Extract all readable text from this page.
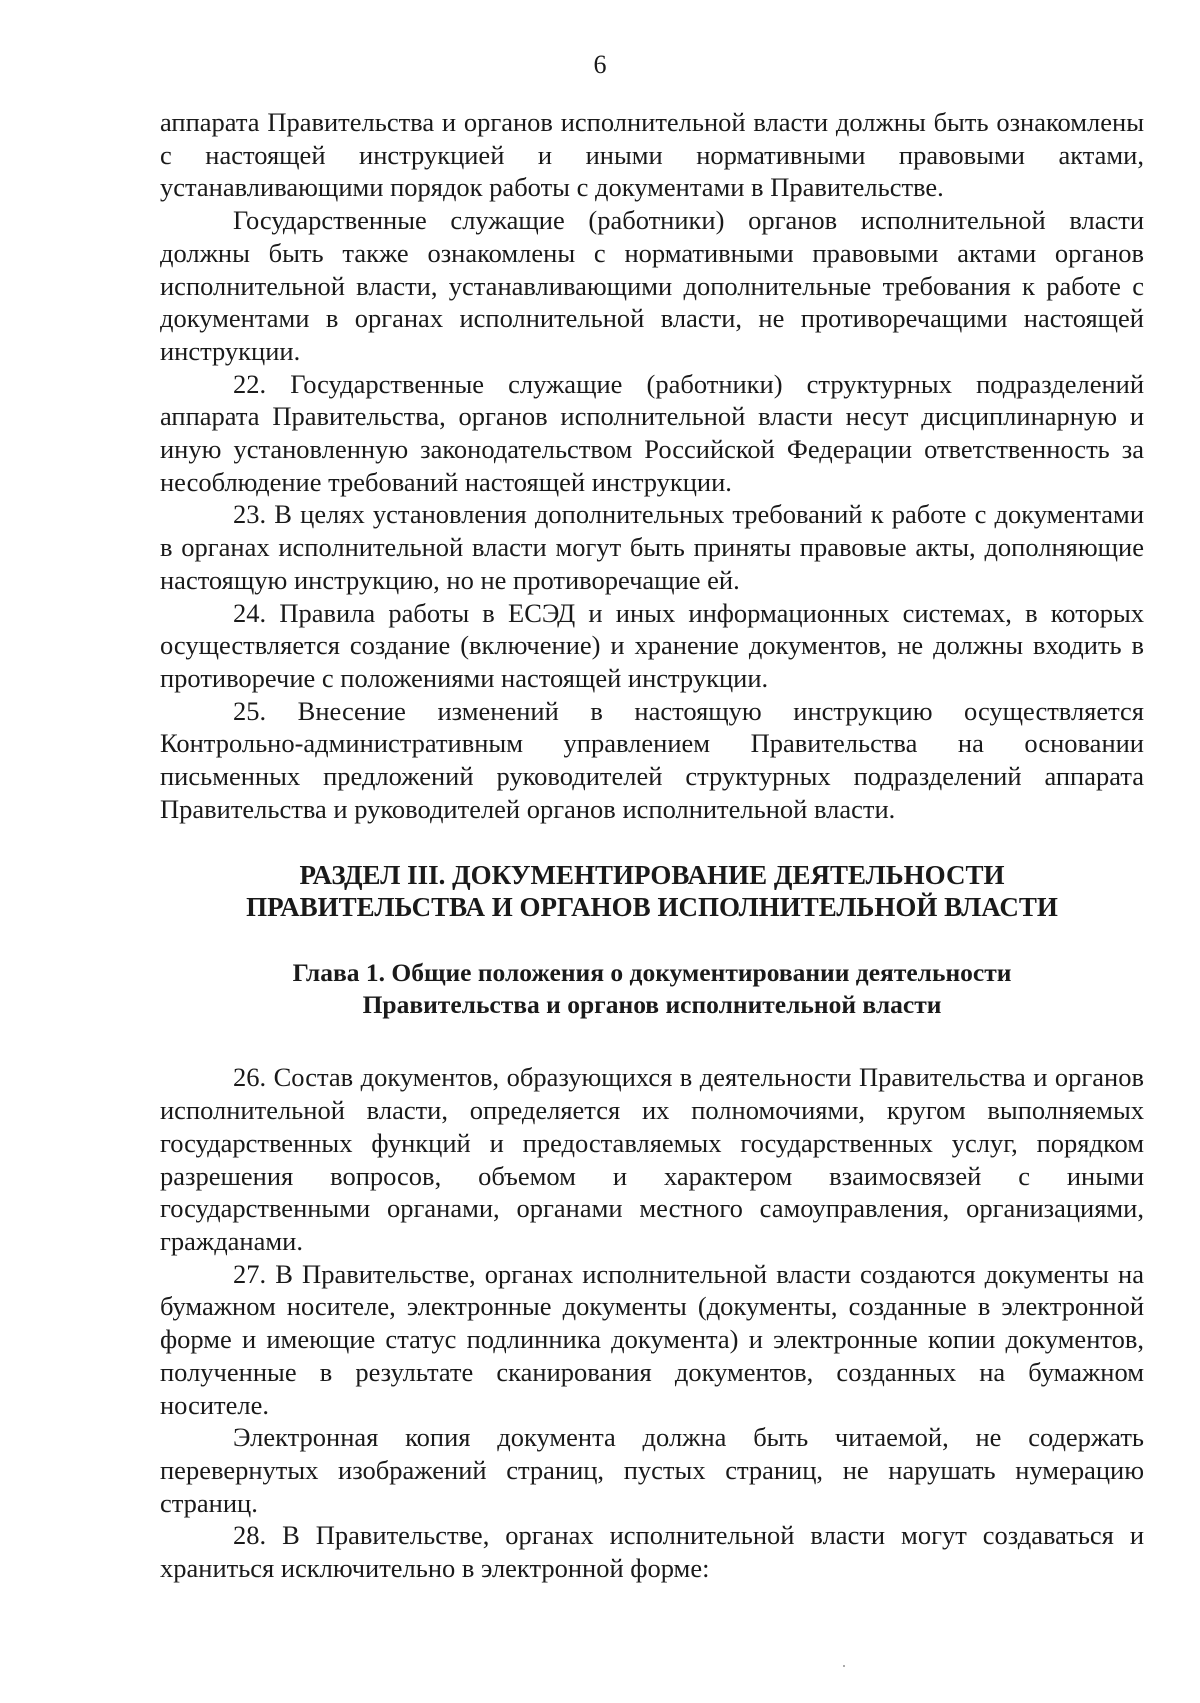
6

аппарата Правительства и органов исполнительной власти должны быть ознакомлены с настоящей инструкцией и иными нормативными правовыми актами, устанавливающими порядок работы с документами в Правительстве.

Государственные служащие (работники) органов исполнительной власти должны быть также ознакомлены с нормативными правовыми актами органов исполнительной власти, устанавливающими дополнительные требования к работе с документами в органах исполнительной власти, не противоречащими настоящей инструкции.

22. Государственные служащие (работники) структурных подразделений аппарата Правительства, органов исполнительной власти несут дисциплинарную и иную установленную законодательством Российской Федерации ответственность за несоблюдение требований настоящей инструкции.

23. В целях установления дополнительных требований к работе с документами в органах исполнительной власти могут быть приняты правовые акты, дополняющие настоящую инструкцию, но не противоречащие ей.

24. Правила работы в ЕСЭД и иных информационных системах, в которых осуществляется создание (включение) и хранение документов, не должны входить в противоречие с положениями настоящей инструкции.

25. Внесение изменений в настоящую инструкцию осуществляется Контрольно-административным управлением Правительства на основании письменных предложений руководителей структурных подразделений аппарата Правительства и руководителей органов исполнительной власти.

РАЗДЕЛ III. ДОКУМЕНТИРОВАНИЕ ДЕЯТЕЛЬНОСТИ
ПРАВИТЕЛЬСТВА И ОРГАНОВ ИСПОЛНИТЕЛЬНОЙ ВЛАСТИ
Глава 1. Общие положения о документировании деятельности
Правительства и органов исполнительной власти

26. Состав документов, образующихся в деятельности Правительства и органов исполнительной власти, определяется их полномочиями, кругом выполняемых государственных функций и предоставляемых государственных услуг, порядком разрешения вопросов, объемом и характером взаимосвязей с иными государственными органами, органами местного самоуправления, организациями, гражданами.

27. В Правительстве, органах исполнительной власти создаются документы на бумажном носителе, электронные документы (документы, созданные в электронной форме и имеющие статус подлинника документа) и электронные копии документов, полученные в результате сканирования документов, созданных на бумажном носителе.

Электронная копия документа должна быть читаемой, не содержать перевернутых изображений страниц, пустых страниц, не нарушать нумерацию страниц.

28. В Правительстве, органах исполнительной власти могут создаваться и храниться исключительно в электронной форме:
